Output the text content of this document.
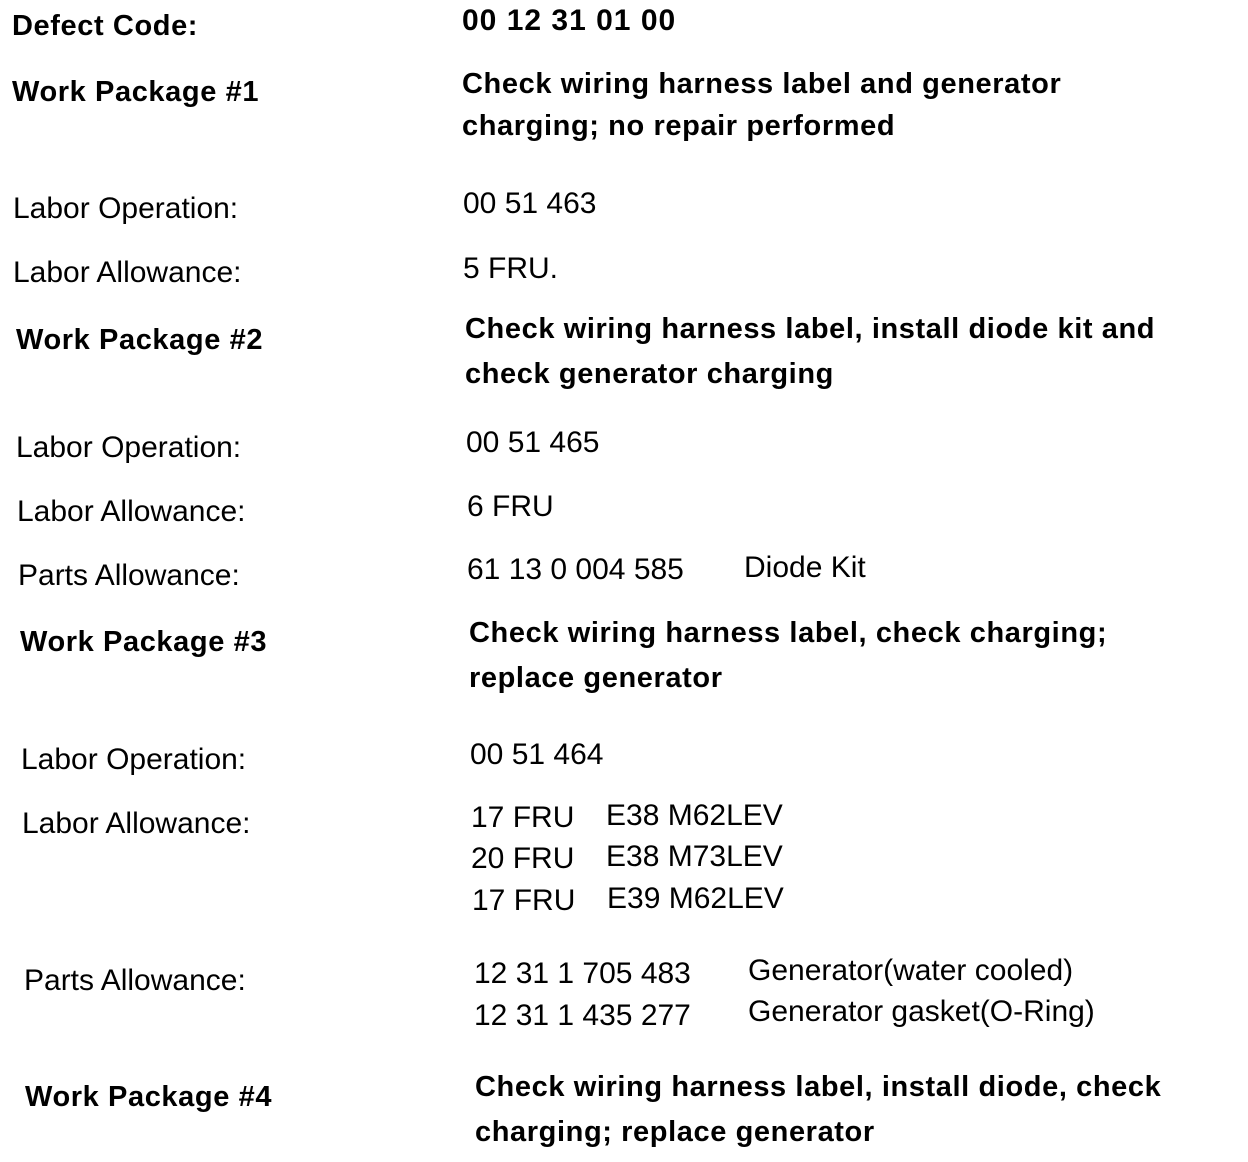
Defect Code:	00 12 31 01 00
Work Package #1	Check wiring harness label and generator
charging; no repair performed
Labor Operation:	00 51 463
Labor Allowance:	5 FRU.
Work Package #2	Check wiring harness label, install diode kit and
check generator charging
Labor Operation:	00 51 465
Labor Allowance:	6 FRU
Parts Allowance:	61 13 0 004 585 Diode Kit
Work Package #3	Check wiring harness label, check charging;
replace generator
Labor Operation:	00 51 464
Labor Allowance:	17 FRU E38 M62LEV
20 FRU E38 M73LEV
17 FRU E39 M62LEV
Parts Allowance:	12 31 1 705 483 Generator(water cooled)
12 31 1 435 277 Generator gasket(O-Ring)
Work Package #4	Check wiring harness label, install diode, check
charging; replace generator
